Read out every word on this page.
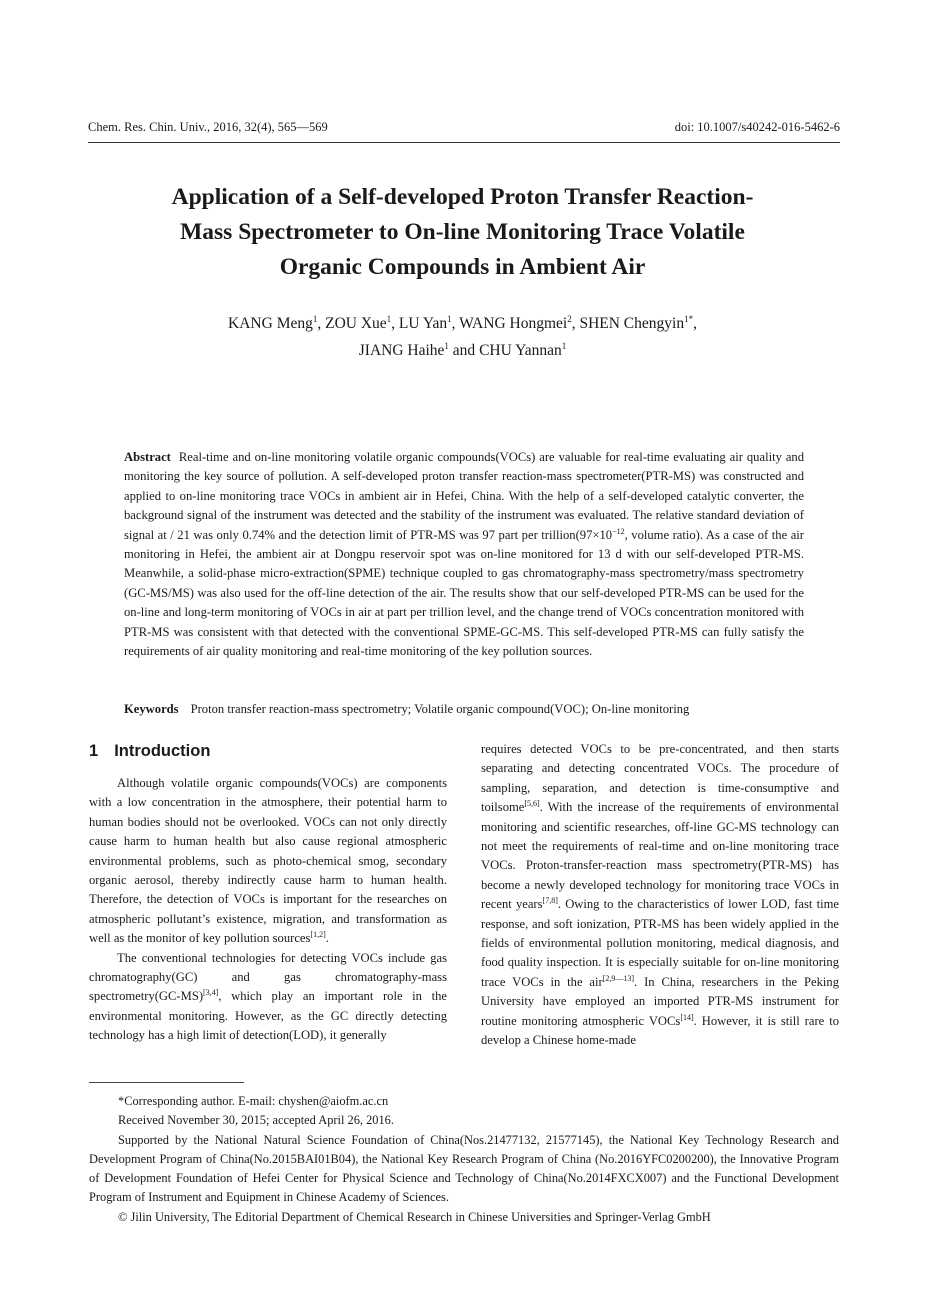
Chem. Res. Chin. Univ., 2016, 32(4), 565—569	doi: 10.1007/s40242-016-5462-6
Application of a Self-developed Proton Transfer Reaction-
Mass Spectrometer to On-line Monitoring Trace Volatile
Organic Compounds in Ambient Air
KANG Meng$^1$, ZOU Xue$^1$, LU Yan$^1$, WANG Hongmei$^2$, SHEN Chengyin$^{1*}$,
JIANG Haihe$^1$ and CHU Yannan$^1$
Abstract Real-time and on-line monitoring volatile organic compounds(VOCs) are valuable for real-time evaluating air quality and monitoring the key source of pollution. A self-developed proton transfer reaction-mass spectrometer(PTR-MS) was constructed and applied to on-line monitoring trace VOCs in ambient air in Hefei, China. With the help of a self-developed catalytic converter, the background signal of the instrument was detected and the stability of the instrument was evaluated. The relative standard deviation of signal at / 21 was only 0.74% and the detection limit of PTR-MS was 97 part per $trillion(97\times 10^{-12}$, volume ratio). As a case of the air monitoring in Hefei, the ambient air at Dongpu reservoir spot was on-line monitored for 13 d with our self-developed PTR-MS. Meanwhile, a solid-phase micro-extraction(SPME) technique coupled to gas chromatography-mass spectrometry/mass spectrometry (GC-MS/MS) was also used for the off-line detection of the air. The results show that our self-developed PTR-MS can be used for the on-line and long-term monitoring of VOCs in air at part per trillion level, and the change trend of VOCs concentration monitored with PTR-MS was consistent with that detected with the conventional SPME-GC-MS. This self-developed PTR-MS can fully satisfy the requirements of air quality monitoring and real-time monitoring of the key pollution sources.
Keywords Proton transfer reaction-mass spectrometry; Volatile organic compound(VOC); On-line monitoring
1 Introduction

Although volatile organic compounds(VOCs) are components with a low concentration in the atmosphere, their potential harm to human bodies should not be overlooked. VOCs can not only directly cause harm to human health but also cause regional atmospheric environmental problems, such as photo-chemical smog, secondary organic aerosol, thereby indirectly cause harm to human health. Therefore, the detection of VOCs is important for the researches on atmospheric pollutant’s existence, migration, and transformation as well as the monitor of key pollution sources[1,2].

The conventional technologies for detecting VOCs include gas chromatography(GC) and gas chromatography-mass spectrometry(GC-MS)[3,4], which play an important role in the environmental monitoring. However, as the GC directly detecting technology has a high limit of detection(LOD), it generally

requires detected VOCs to be pre-concentrated, and then starts separating and detecting concentrated VOCs. The procedure of sampling, separation, and detection is time-consumptive and toilsome[5,6]. With the increase of the requirements of environmental monitoring and scientific researches, off-line GC-MS technology can not meet the requirements of real-time and on-line monitoring trace VOCs. Proton-transfer-reaction mass spectrometry(PTR-MS) has become a newly developed technology for monitoring trace VOCs in recent years[7,8]. Owing to the characteristics of lower LOD, fast time response, and soft ionization, PTR-MS has been widely applied in the fields of environmental pollution monitoring, medical diagnosis, and food quality inspection. It is especially suitable for on-line monitoring trace VOCs in the air[2,9—13]. In China, researchers in the Peking University have employed an imported PTR-MS instrument for routine monitoring atmospheric VOCs[14]. However, it is still rare to develop a Chinese home-made

*Corresponding author. E-mail: chyshen@aiofm.ac.cn

Received November 30, 2015; accepted April 26, 2016.

Supported by the National Natural Science Foundation of China(Nos.21477132, 21577145), the National Key Technology Research and Development Program of China(No.2015BAI01B04), the National Key Research Program of China (No.2016YFC0200200), the Innovative Program of Development Foundation of Hefei Center for Physical Science and Technology of China(No.2014FXCX007) and the Functional Development Program of Instrument and Equipment in Chinese Academy of Sciences.

© Jilin University, The Editorial Department of Chemical Research in Chinese Universities and Springer-Verlag GmbH
